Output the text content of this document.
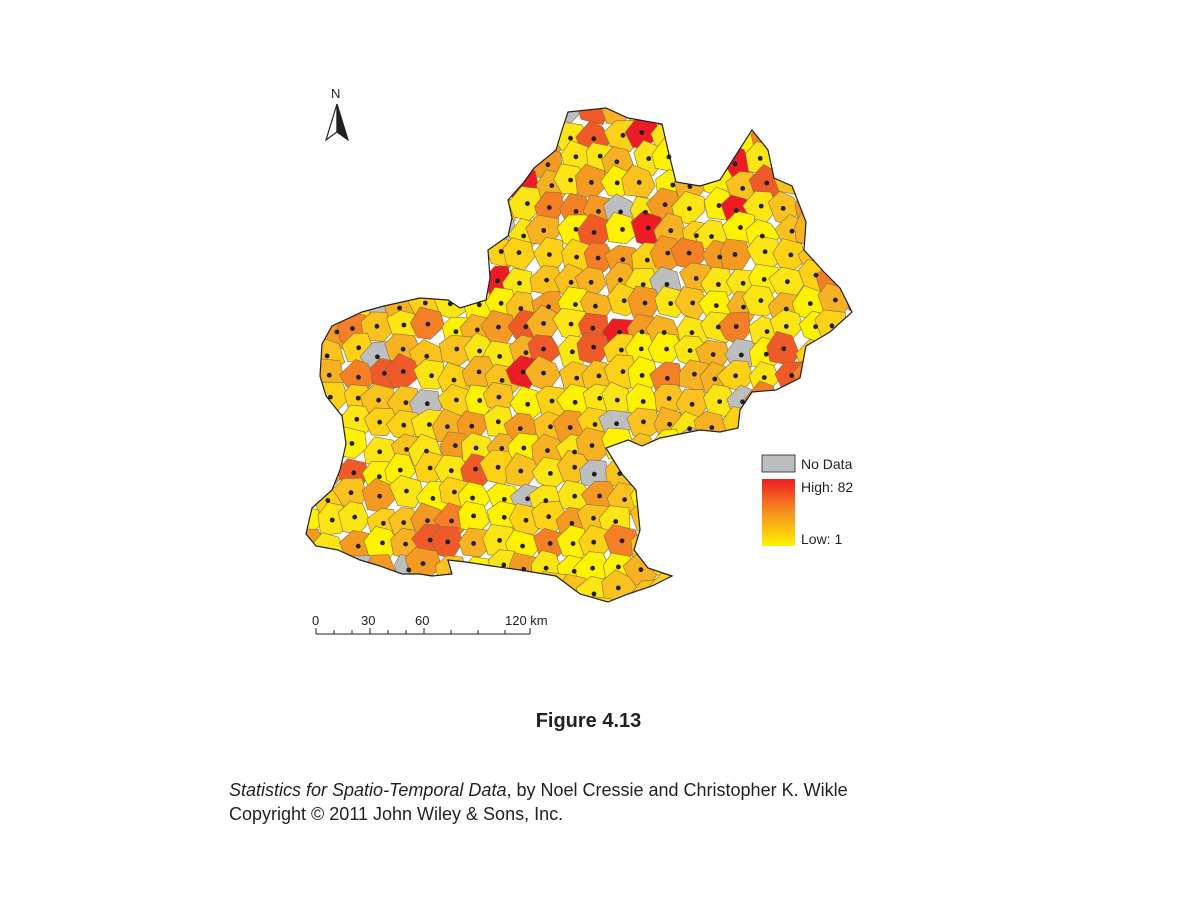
N
No Data
High: 82
Low: 1
0	30	60	120 km
Figure 4.13
Statistics for Spatio-Temporal Data, by Noel Cressie and Christopher K. Wikle
Copyright © 2011 John Wiley & Sons, Inc.
